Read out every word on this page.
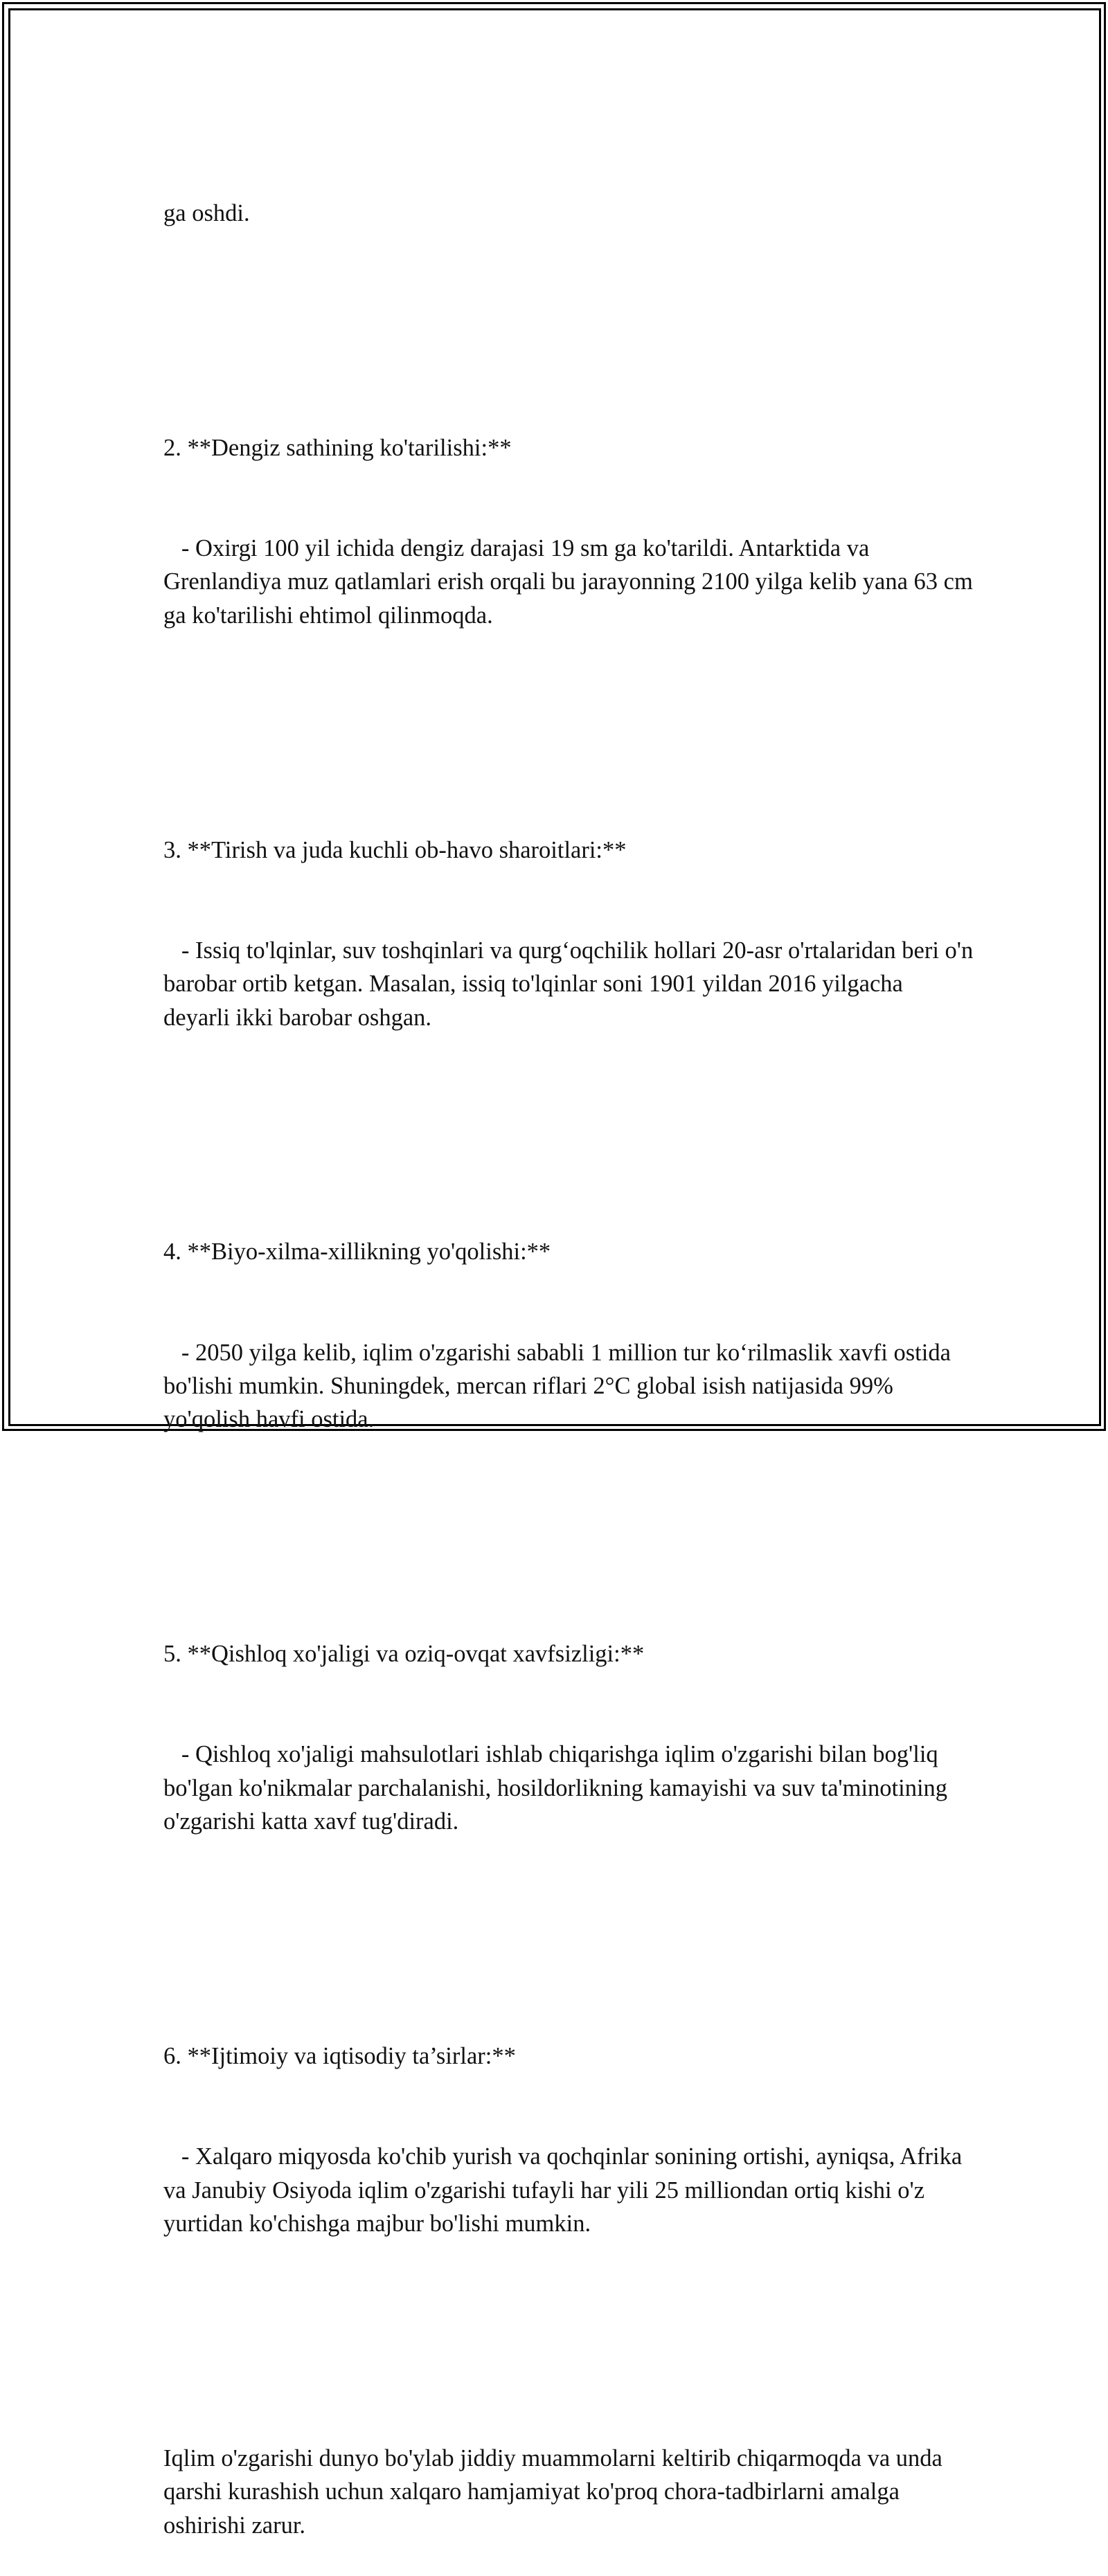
ga oshdi.

2. **Dengiz sathining ko'tarilishi:**

- Oxirgi 100 yil ichida dengiz darajasi 19 sm ga ko'tarildi. Antarktida va Grenlandiya muz qatlamlari erish orqali bu jarayonning 2100 yilga kelib yana 63 cm ga ko'tarilishi ehtimol qilinmoqda.

3. **Tirish va juda kuchli ob-havo sharoitlari:**

- Issiq to'lqinlar, suv toshqinlari va qurg‘oqchilik hollari 20-asr o'rtalaridan beri o'n barobar ortib ketgan. Masalan, issiq to'lqinlar soni 1901 yildan 2016 yilgacha deyarli ikki barobar oshgan.

4. **Biyo-xilma-xillikning yo'qolishi:**

- 2050 yilga kelib, iqlim o'zgarishi sababli 1 million tur ko‘rilmaslik xavfi ostida bo'lishi mumkin. Shuningdek, mercan riflari 2°C global isish natijasida 99% yo'qolish havfi ostida.

5. **Qishloq xo'jaligi va oziq-ovqat xavfsizligi:**

- Qishloq xo'jaligi mahsulotlari ishlab chiqarishga iqlim o'zgarishi bilan bog'liq bo'lgan ko'nikmalar parchalanishi, hosildorlikning kamayishi va suv ta'minotining o'zgarishi katta xavf tug'diradi.

6. **Ijtimoiy va iqtisodiy ta’sirlar:**

- Xalqaro miqyosda ko'chib yurish va qochqinlar sonining ortishi, ayniqsa, Afrika va Janubiy Osiyoda iqlim o'zgarishi tufayli har yili 25 milliondan ortiq kishi o'z yurtidan ko'chishga majbur bo'lishi mumkin.

Iqlim o'zgarishi dunyo bo'ylab jiddiy muammolarni keltirib chiqarmoqda va unda qarshi kurashish uchun xalqaro hamjamiyat ko'proq chora-tadbirlarni amalga oshirishi zarur.
